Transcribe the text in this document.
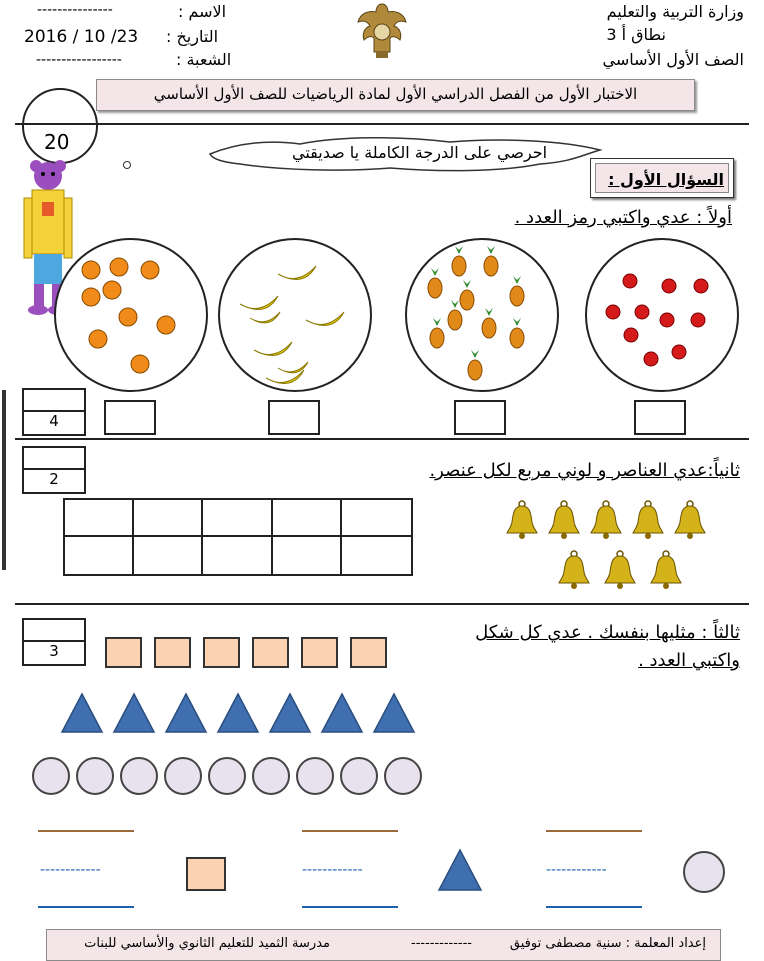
وزارة التربية والتعليم
نطاق أ 3
الصف الأول الأساسي
الاسم :
---------------
التاريخ :
23/ 10 / 2016
الشعبة :
-----------------
الاختبار الأول من الفصل الدراسي الأول لمادة الرياضيات للصف الأول الأساسي
20	احرصي على الدرجة الكاملة يا صديقتي
السؤال الأول :
أولاً : عدي واكتبي رمز العدد .
4
2	ثانياً:عدي العناصر و لوني مربع لكل عنصر.
3
ثالثاً : مثليها بنفسك . عدي كل شكل
واكتبي العدد .
------------	------------	------------
إعداد المعلمة : سنية مصطفى توفيق
-------------
مدرسة الثميد للتعليم الثانوي والأساسي للبنات
